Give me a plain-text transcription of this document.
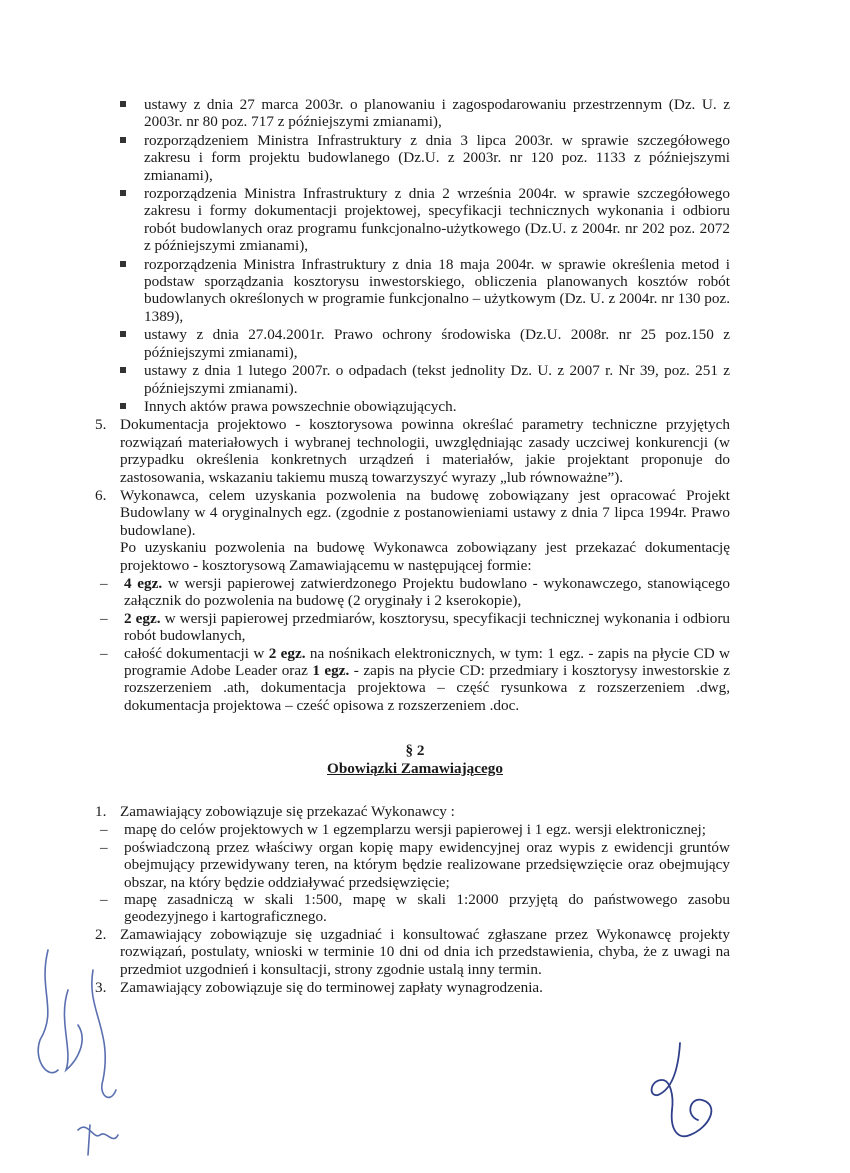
ustawy z dnia 27 marca 2003r. o planowaniu i zagospodarowaniu przestrzennym (Dz. U. z 2003r. nr 80 poz. 717 z późniejszymi zmianami),
rozporządzeniem Ministra Infrastruktury z dnia 3 lipca 2003r. w sprawie szczegółowego zakresu i form projektu budowlanego (Dz.U. z 2003r. nr 120 poz. 1133 z późniejszymi zmianami),
rozporządzenia Ministra Infrastruktury z dnia 2 września 2004r. w sprawie szczegółowego zakresu i formy dokumentacji projektowej, specyfikacji technicznych wykonania i odbioru robót budowlanych oraz programu funkcjonalno-użytkowego (Dz.U. z 2004r. nr 202 poz. 2072 z późniejszymi zmianami),
rozporządzenia Ministra Infrastruktury z dnia 18 maja 2004r. w sprawie określenia metod i podstaw sporządzania kosztorysu inwestorskiego, obliczenia planowanych kosztów robót budowlanych określonych w programie funkcjonalno – użytkowym (Dz. U. z 2004r. nr 130 poz. 1389),
ustawy z dnia 27.04.2001r. Prawo ochrony środowiska (Dz.U. 2008r. nr 25 poz.150 z późniejszymi zmianami),
ustawy z dnia 1 lutego 2007r. o odpadach (tekst jednolity Dz. U. z 2007 r. Nr 39, poz. 251 z późniejszymi zmianami).
Innych aktów prawa powszechnie obowiązujących.
5. Dokumentacja projektowo - kosztorysowa powinna określać parametry techniczne przyjętych rozwiązań materiałowych i wybranej technologii, uwzględniając zasady uczciwej konkurencji (w przypadku określenia konkretnych urządzeń i materiałów, jakie projektant proponuje do zastosowania, wskazaniu takiemu muszą towarzyszyć wyrazy „lub równoważne”).
6. Wykonawca, celem uzyskania pozwolenia na budowę zobowiązany jest opracować Projekt Budowlany w 4 oryginalnych egz. (zgodnie z postanowieniami ustawy z dnia 7 lipca 1994r. Prawo budowlane).
Po uzyskaniu pozwolenia na budowę Wykonawca zobowiązany jest przekazać dokumentację projektowo - kosztorysową Zamawiającemu w następującej formie:
– 4 egz. w wersji papierowej zatwierdzonego Projektu budowlano - wykonawczego, stanowiącego załącznik do pozwolenia na budowę (2 oryginały i 2 kserokopie),
– 2 egz. w wersji papierowej przedmiarów, kosztorysu, specyfikacji technicznej wykonania i odbioru robót budowlanych,
– całość dokumentacji w 2 egz. na nośnikach elektronicznych, w tym: 1 egz. - zapis na płycie CD w programie Adobe Leader oraz 1 egz. - zapis na płycie CD: przedmiary i kosztorysy inwestorskie z rozszerzeniem .ath, dokumentacja projektowa – część rysunkowa z rozszerzeniem .dwg, dokumentacja projektowa – cześć opisowa z rozszerzeniem .doc.
§ 2
Obowiązki Zamawiającego
1. Zamawiający zobowiązuje się przekazać Wykonawcy :
– mapę do celów projektowych w 1 egzemplarzu wersji papierowej i 1 egz. wersji elektronicznej;
– poświadczoną przez właściwy organ kopię mapy ewidencyjnej oraz wypis z ewidencji gruntów obejmujący przewidywany teren, na którym będzie realizowane przedsięwzięcie oraz obejmujący obszar, na który będzie oddziaływać przedsięwzięcie;
– mapę zasadniczą w skali 1:500, mapę w skali 1:2000 przyjętą do państwowego zasobu geodezyjnego i kartograficznego.
2. Zamawiający zobowiązuje się uzgadniać i konsultować zgłaszane przez Wykonawcę projekty rozwiązań, postulaty, wnioski w terminie 10 dni od dnia ich przedstawienia, chyba, że z uwagi na przedmiot uzgodnień i konsultacji, strony zgodnie ustalą inny termin.
3. Zamawiający zobowiązuje się do terminowej zapłaty wynagrodzenia.
